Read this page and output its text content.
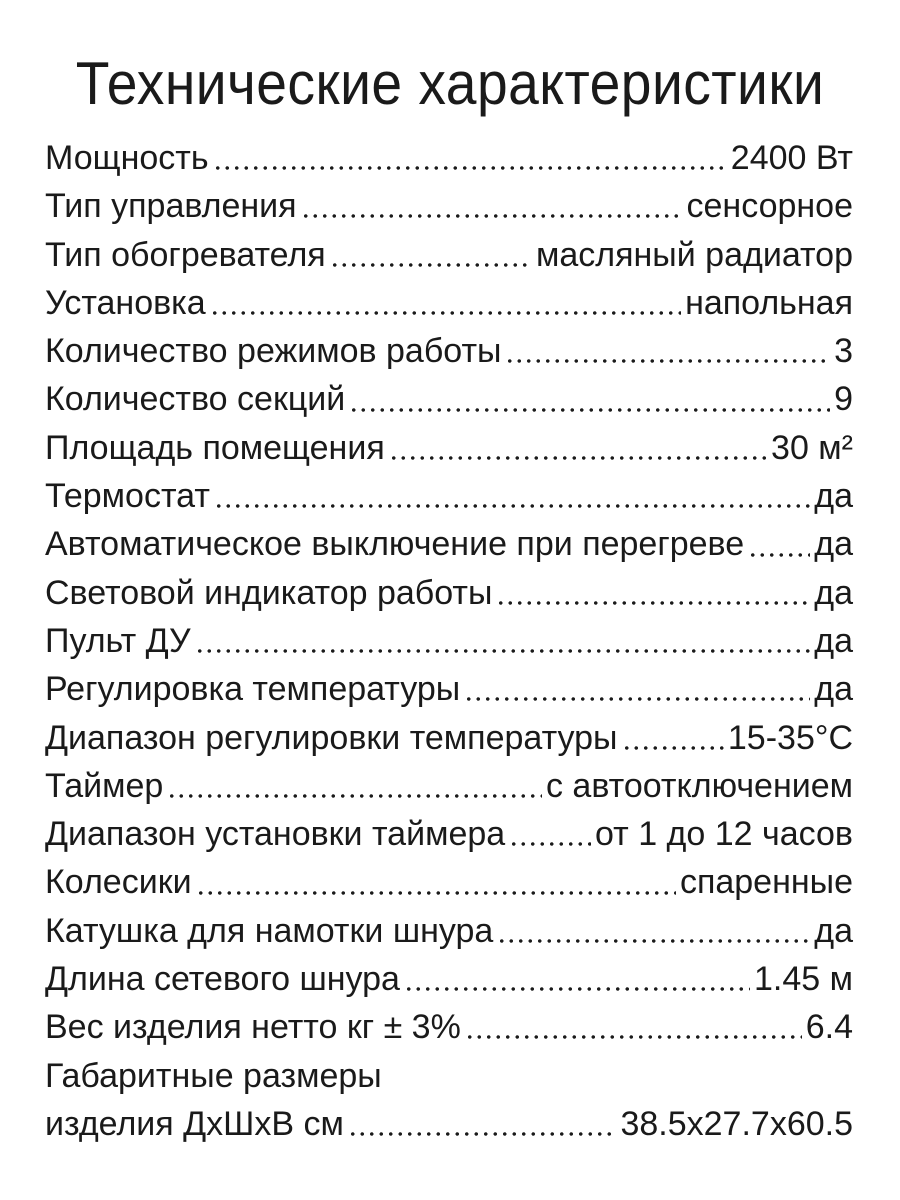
Технические характеристики
Мощность	2400 Вт
Тип управления	сенсорное
Тип обогревателя	масляный радиатор
Установка	напольная
Количество режимов работы	3
Количество секций	9
Площадь помещения	30 м²
Термостат	да
Автоматическое выключение при перегреве да
Световой индикатор работы	да
Пульт ДУ	да
Регулировка температуры	да
Диапазон регулировки температуры	15-35°С
Таймер	с автоотключением
Диапазон установки таймера	от 1 до 12 часов
Колесики	спаренные
Катушка для намотки шнура	да
Длина сетевого шнура	1.45 м
Вес изделия нетто кг ± 3%	6.4
Габаритные размеры
изделия ДхШхВ см	38.5x27.7x60.5
